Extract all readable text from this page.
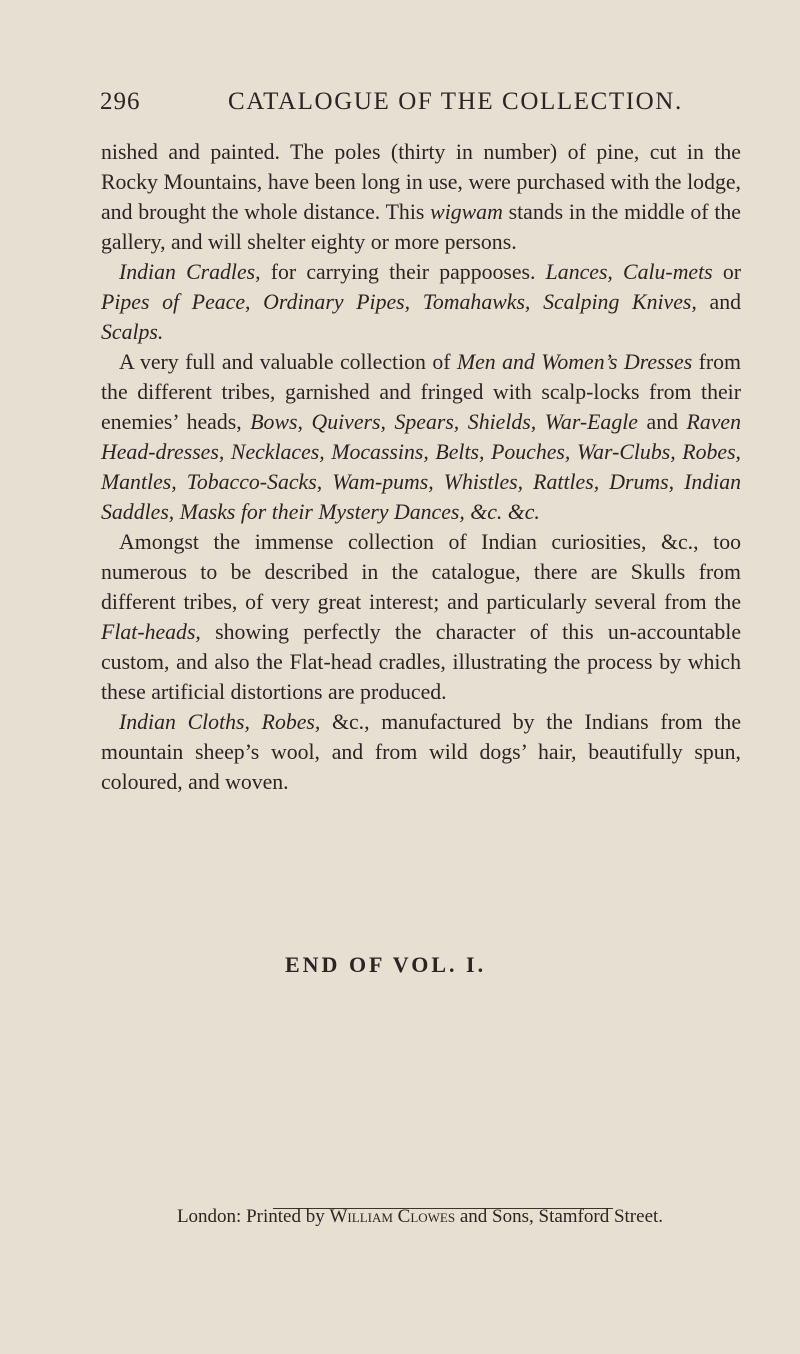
296	CATALOGUE OF THE COLLECTION.

nished and painted. The poles (thirty in number) of pine, cut in the Rocky Mountains, have been long in use, were purchased with the lodge, and brought the whole distance. This wigwam stands in the middle of the gallery, and will shelter eighty or more persons.

Indian Cradles, for carrying their pappooses. Lances, Calu-mets or Pipes of Peace, Ordinary Pipes, Tomahawks, Scalping Knives, and Scalps.

A very full and valuable collection of Men and Women’s Dresses from the different tribes, garnished and fringed with scalp-locks from their enemies’ heads, Bows, Quivers, Spears, Shields, War-Eagle and Raven Head-dresses, Necklaces, Mocassins, Belts, Pouches, War-Clubs, Robes, Mantles, Tobacco-Sacks, Wam-pums, Whistles, Rattles, Drums, Indian Saddles, Masks for their Mystery Dances, &c. &c.

Amongst the immense collection of Indian curiosities, &c., too numerous to be described in the catalogue, there are Skulls from different tribes, of very great interest; and particularly several from the Flat-heads, showing perfectly the character of this un-accountable custom, and also the Flat-head cradles, illustrating the process by which these artificial distortions are produced.

Indian Cloths, Robes, &c., manufactured by the Indians from the mountain sheep’s wool, and from wild dogs’ hair, beautifully spun, coloured, and woven.

END OF VOL. I.
London: Printed by William Clowes and Sons, Stamford Street.
